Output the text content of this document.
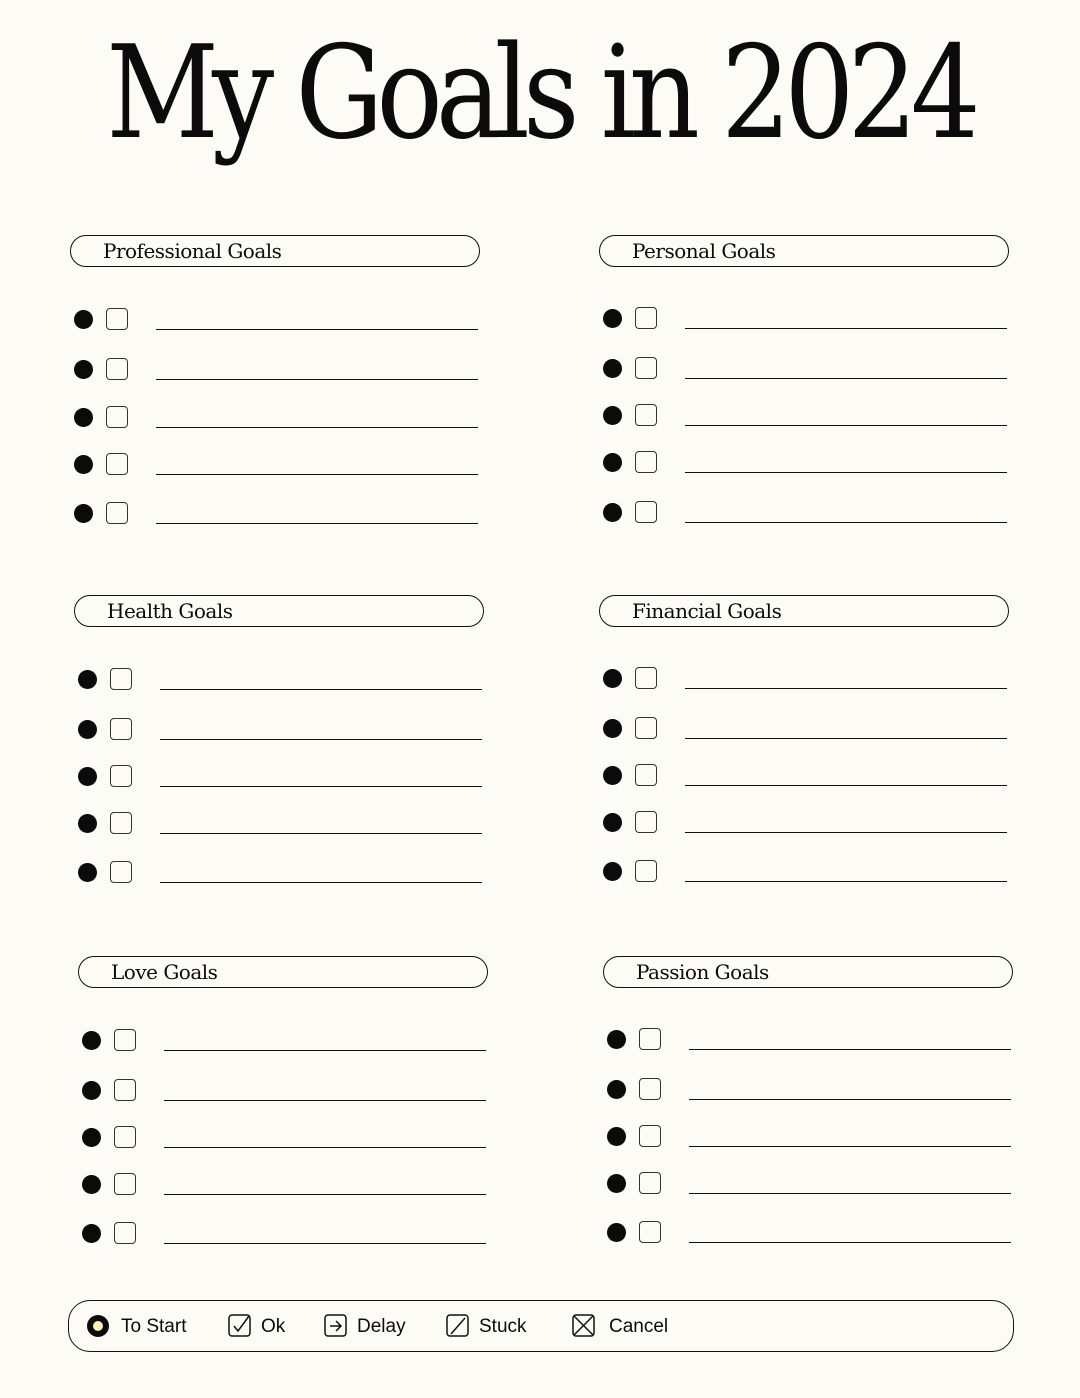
My Goals in 2024
Professional Goals	Personal Goals
Health Goals	Financial Goals
Love Goals	Passion Goals
To Start	Ok	Delay	Stuck	Cancel
